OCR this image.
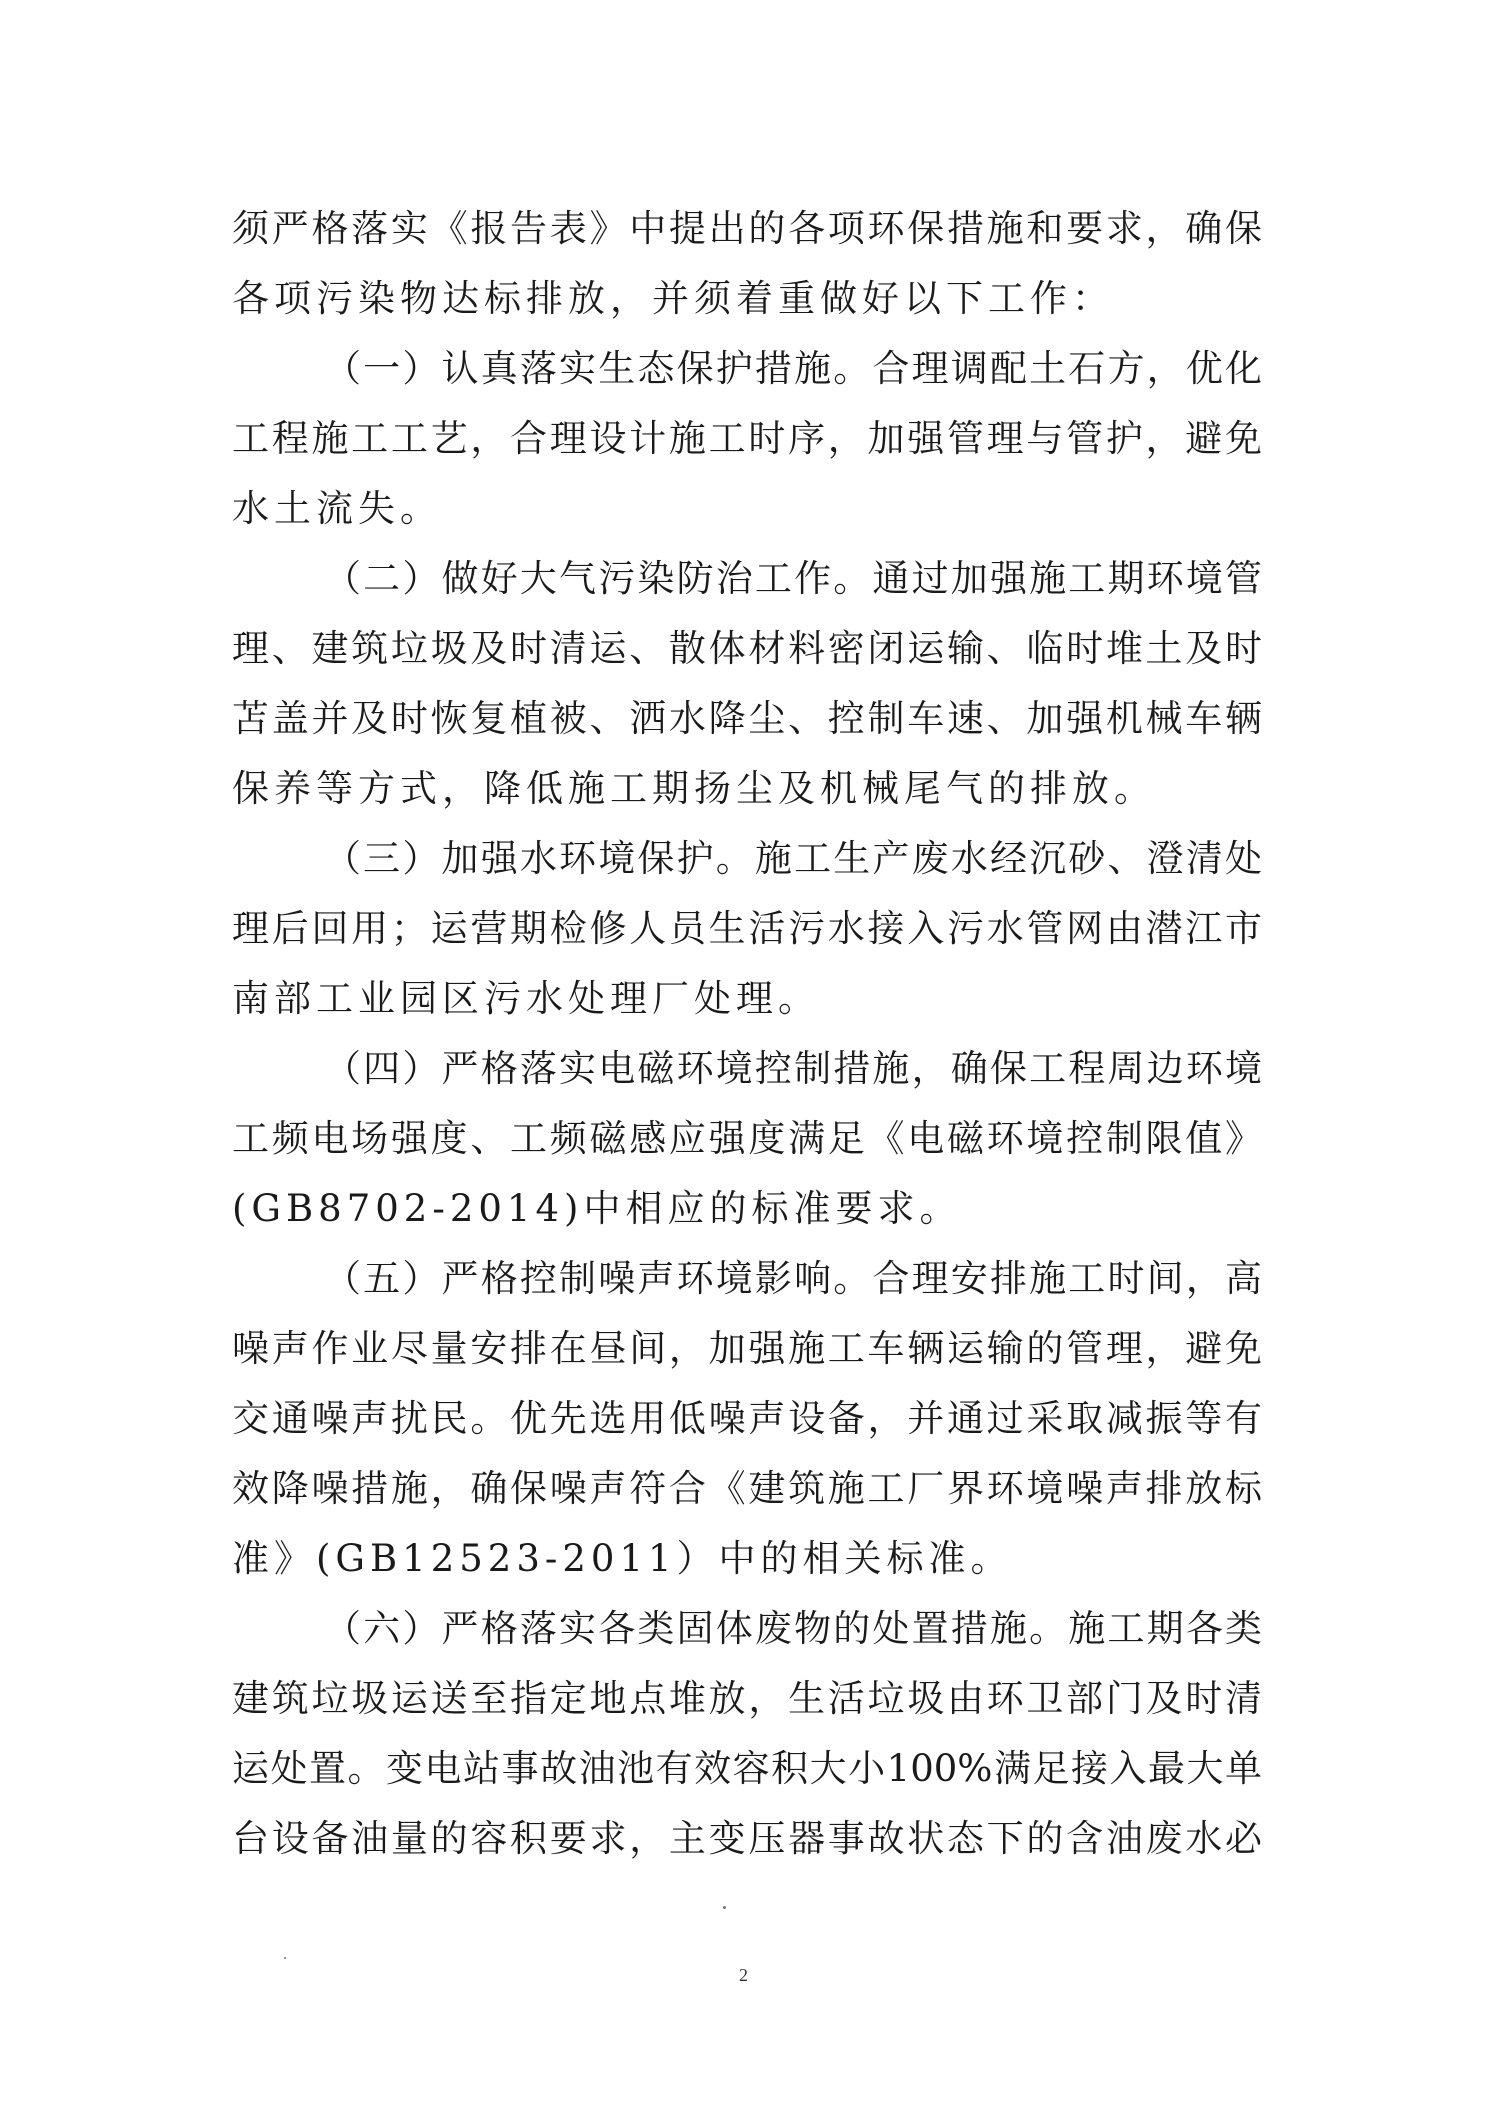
须严格落实《报告表》中提出的各项环保措施和要求，确保
各项污染物达标排放，并须着重做好以下工作：
（一）认真落实生态保护措施。合理调配土石方，优化
工程施工工艺，合理设计施工时序，加强管理与管护，避免
水土流失。
（二）做好大气污染防治工作。通过加强施工期环境管
理、建筑垃圾及时清运、散体材料密闭运输、临时堆土及时
苫盖并及时恢复植被、洒水降尘、控制车速、加强机械车辆
保养等方式，降低施工期扬尘及机械尾气的排放。
（三）加强水环境保护。施工生产废水经沉砂、澄清处
理后回用；运营期检修人员生活污水接入污水管网由潜江市
南部工业园区污水处理厂处理。
（四）严格落实电磁环境控制措施，确保工程周边环境
工频电场强度、工频磁感应强度满足《电磁环境控制限值》
(GB8702-2014)中相应的标准要求。
（五）严格控制噪声环境影响。合理安排施工时间，高
噪声作业尽量安排在昼间，加强施工车辆运输的管理，避免
交通噪声扰民。优先选用低噪声设备，并通过采取减振等有
效降噪措施，确保噪声符合《建筑施工厂界环境噪声排放标
准》(GB12523-2011）中的相关标准。
（六）严格落实各类固体废物的处置措施。施工期各类
建筑垃圾运送至指定地点堆放，生活垃圾由环卫部门及时清
运处置。变电站事故油池有效容积大小100%满足接入最大单
台设备油量的容积要求，主变压器事故状态下的含油废水必
2
